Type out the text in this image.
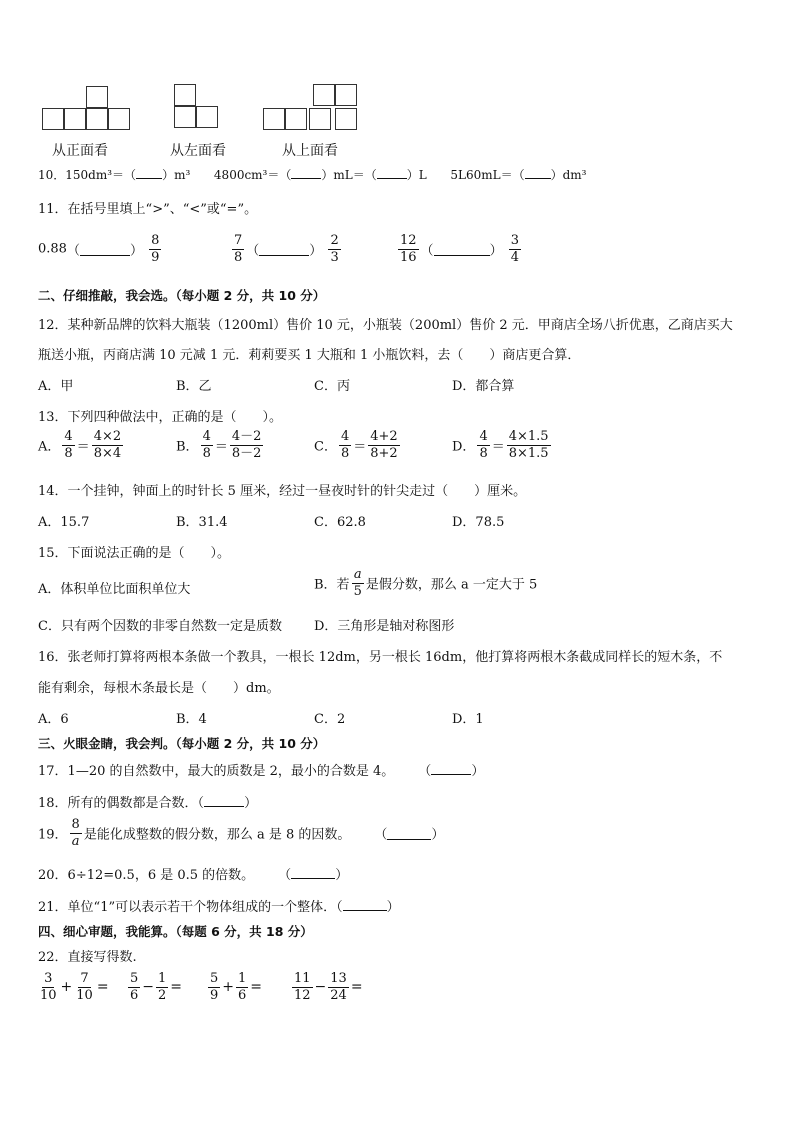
从正面看	从左面看	从上面看
10．150dm³＝（ ）m³ 4800cm³＝（	）mL＝（	）L 5L60mL＝（ ）dm³
11．在括号里填上“>”、“<”或“=”。
0.88（	） $\frac{8}{9}$	$\frac{7}{8}$ （	） $\frac{2}{3}$	$\frac{12}{16}$ （	） $\frac{3}{4}$
二、仔细推敲，我会选。（每小题 2 分，共 10 分）
12．某种新品牌的饮料大瓶装（1200ml）售价 10 元，小瓶装（200ml）售价 2 元．甲商店全场八折优惠，乙商店买大
瓶送小瓶，丙商店满 10 元减 1 元．莉莉要买 1 大瓶和 1 小瓶饮料，去（　　）商店更合算．
A．甲	B．乙	C．丙	D．都合算
13．下列四种做法中，正确的是（　　）。
A． $\frac{4}{8} = \frac{4\times 2}{8\times 4}$	B． $\frac{4}{8} = \frac{4-2}{8-2}$	C． $\frac{4}{8} = \frac{4+2}{8+2}$	D． $\frac{4}{8} = \frac{4\times 1.5}{8\times 1.5}$
14．一个挂钟，钟面上的时针长 5 厘米，经过一昼夜时针的针尖走过（　　）厘米。
A．15.7	B．31.4	C．62.8	D．78.5
15．下面说法正确的是（　　）。
A．体积单位比面积单位大	B．若 $\frac{a}{5}$ 是假分数，那么 a 一定大于 5
C．只有两个因数的非零自然数一定是质数 D．三角形是轴对称图形
16．张老师打算将两根本条做一个教具，一根长 12dm，另一根长 16dm，他打算将两根木条截成同样长的短木条，不
能有剩余，每根木条最长是（　　）dm。
A．6	B．4	C．2	D．1
三、火眼金睛，我会判。（每小题 2 分，共 10 分）
17．1—20 的自然数中，最大的质数是 2，最小的合数是 4。 （	）
18．所有的偶数都是合数．（	）
19． $\frac{8}{a}$ 是能化成整数的假分数，那么 a 是 8 的因数。 （	）
20．6÷12=0.5，6 是 0.5 的倍数。 （	）
21．单位“1”可以表示若干个物体组成的一个整体．（	）
四、细心审题，我能算。（每题 6 分，共 18 分）
22．直接写得数.
$\frac{3}{10} + \frac{7}{10} = \frac{5}{6} - \frac{1}{2} = \frac{5}{9} + \frac{1}{6} = \frac{11}{12} - \frac{13}{24}$ =
